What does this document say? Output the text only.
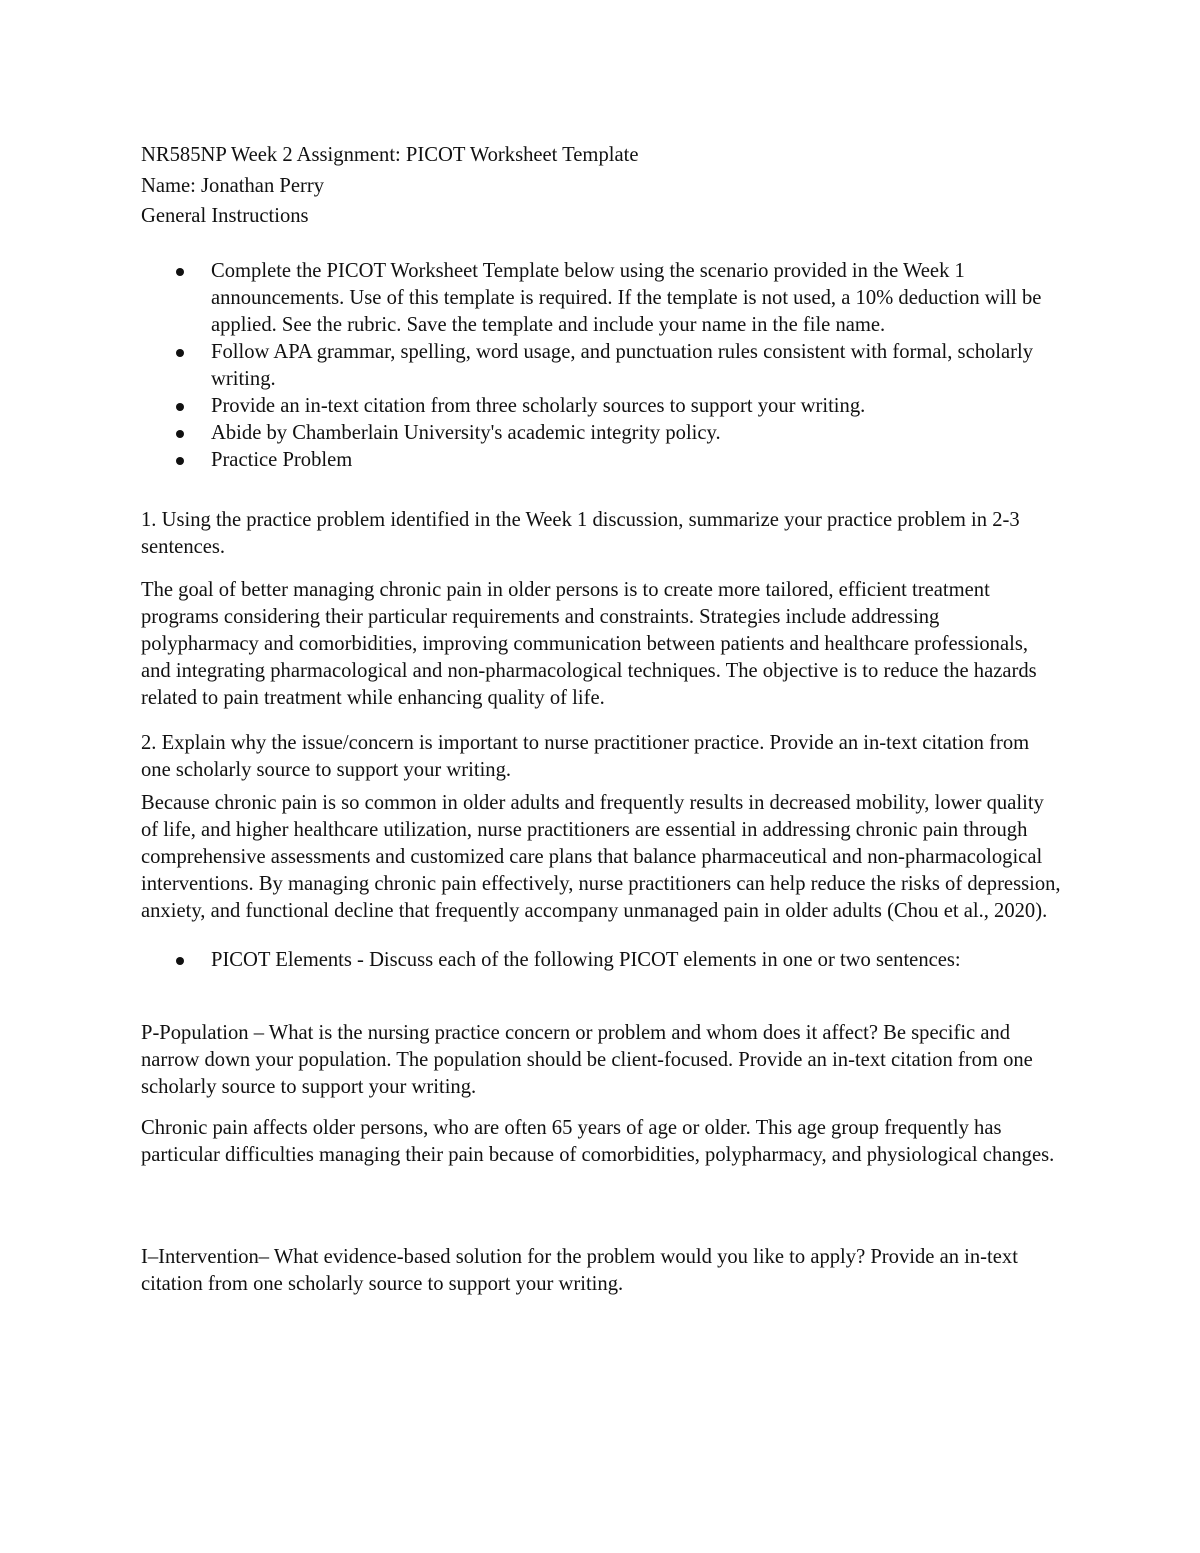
NR585NP Week 2 Assignment: PICOT Worksheet Template
Name: Jonathan Perry
General Instructions
Complete the PICOT Worksheet Template below using the scenario provided in the Week 1 announcements. Use of this template is required. If the template is not used, a 10% deduction will be applied. See the rubric. Save the template and include your name in the file name.
Follow APA grammar, spelling, word usage, and punctuation rules consistent with formal, scholarly writing.
Provide an in-text citation from three scholarly sources to support your writing.
Abide by Chamberlain University's academic integrity policy.
Practice Problem

1. Using the practice problem identified in the Week 1 discussion, summarize your practice problem in 2-3 sentences.

The goal of better managing chronic pain in older persons is to create more tailored, efficient treatment programs considering their particular requirements and constraints. Strategies include addressing polypharmacy and comorbidities, improving communication between patients and healthcare professionals, and integrating pharmacological and non-pharmacological techniques. The objective is to reduce the hazards related to pain treatment while enhancing quality of life.

2. Explain why the issue/concern is important to nurse practitioner practice. Provide an in-text citation from one scholarly source to support your writing.

Because chronic pain is so common in older adults and frequently results in decreased mobility, lower quality of life, and higher healthcare utilization, nurse practitioners are essential in addressing chronic pain through comprehensive assessments and customized care plans that balance pharmaceutical and non-pharmacological interventions. By managing chronic pain effectively, nurse practitioners can help reduce the risks of depression, anxiety, and functional decline that frequently accompany unmanaged pain in older adults (Chou et al., 2020).

PICOT Elements - Discuss each of the following PICOT elements in one or two sentences:

P-Population – What is the nursing practice concern or problem and whom does it affect? Be specific and narrow down your population. The population should be client-focused. Provide an in-text citation from one scholarly source to support your writing.

Chronic pain affects older persons, who are often 65 years of age or older. This age group frequently has particular difficulties managing their pain because of comorbidities, polypharmacy, and physiological changes.

I–Intervention– What evidence-based solution for the problem would you like to apply? Provide an in-text citation from one scholarly source to support your writing.
